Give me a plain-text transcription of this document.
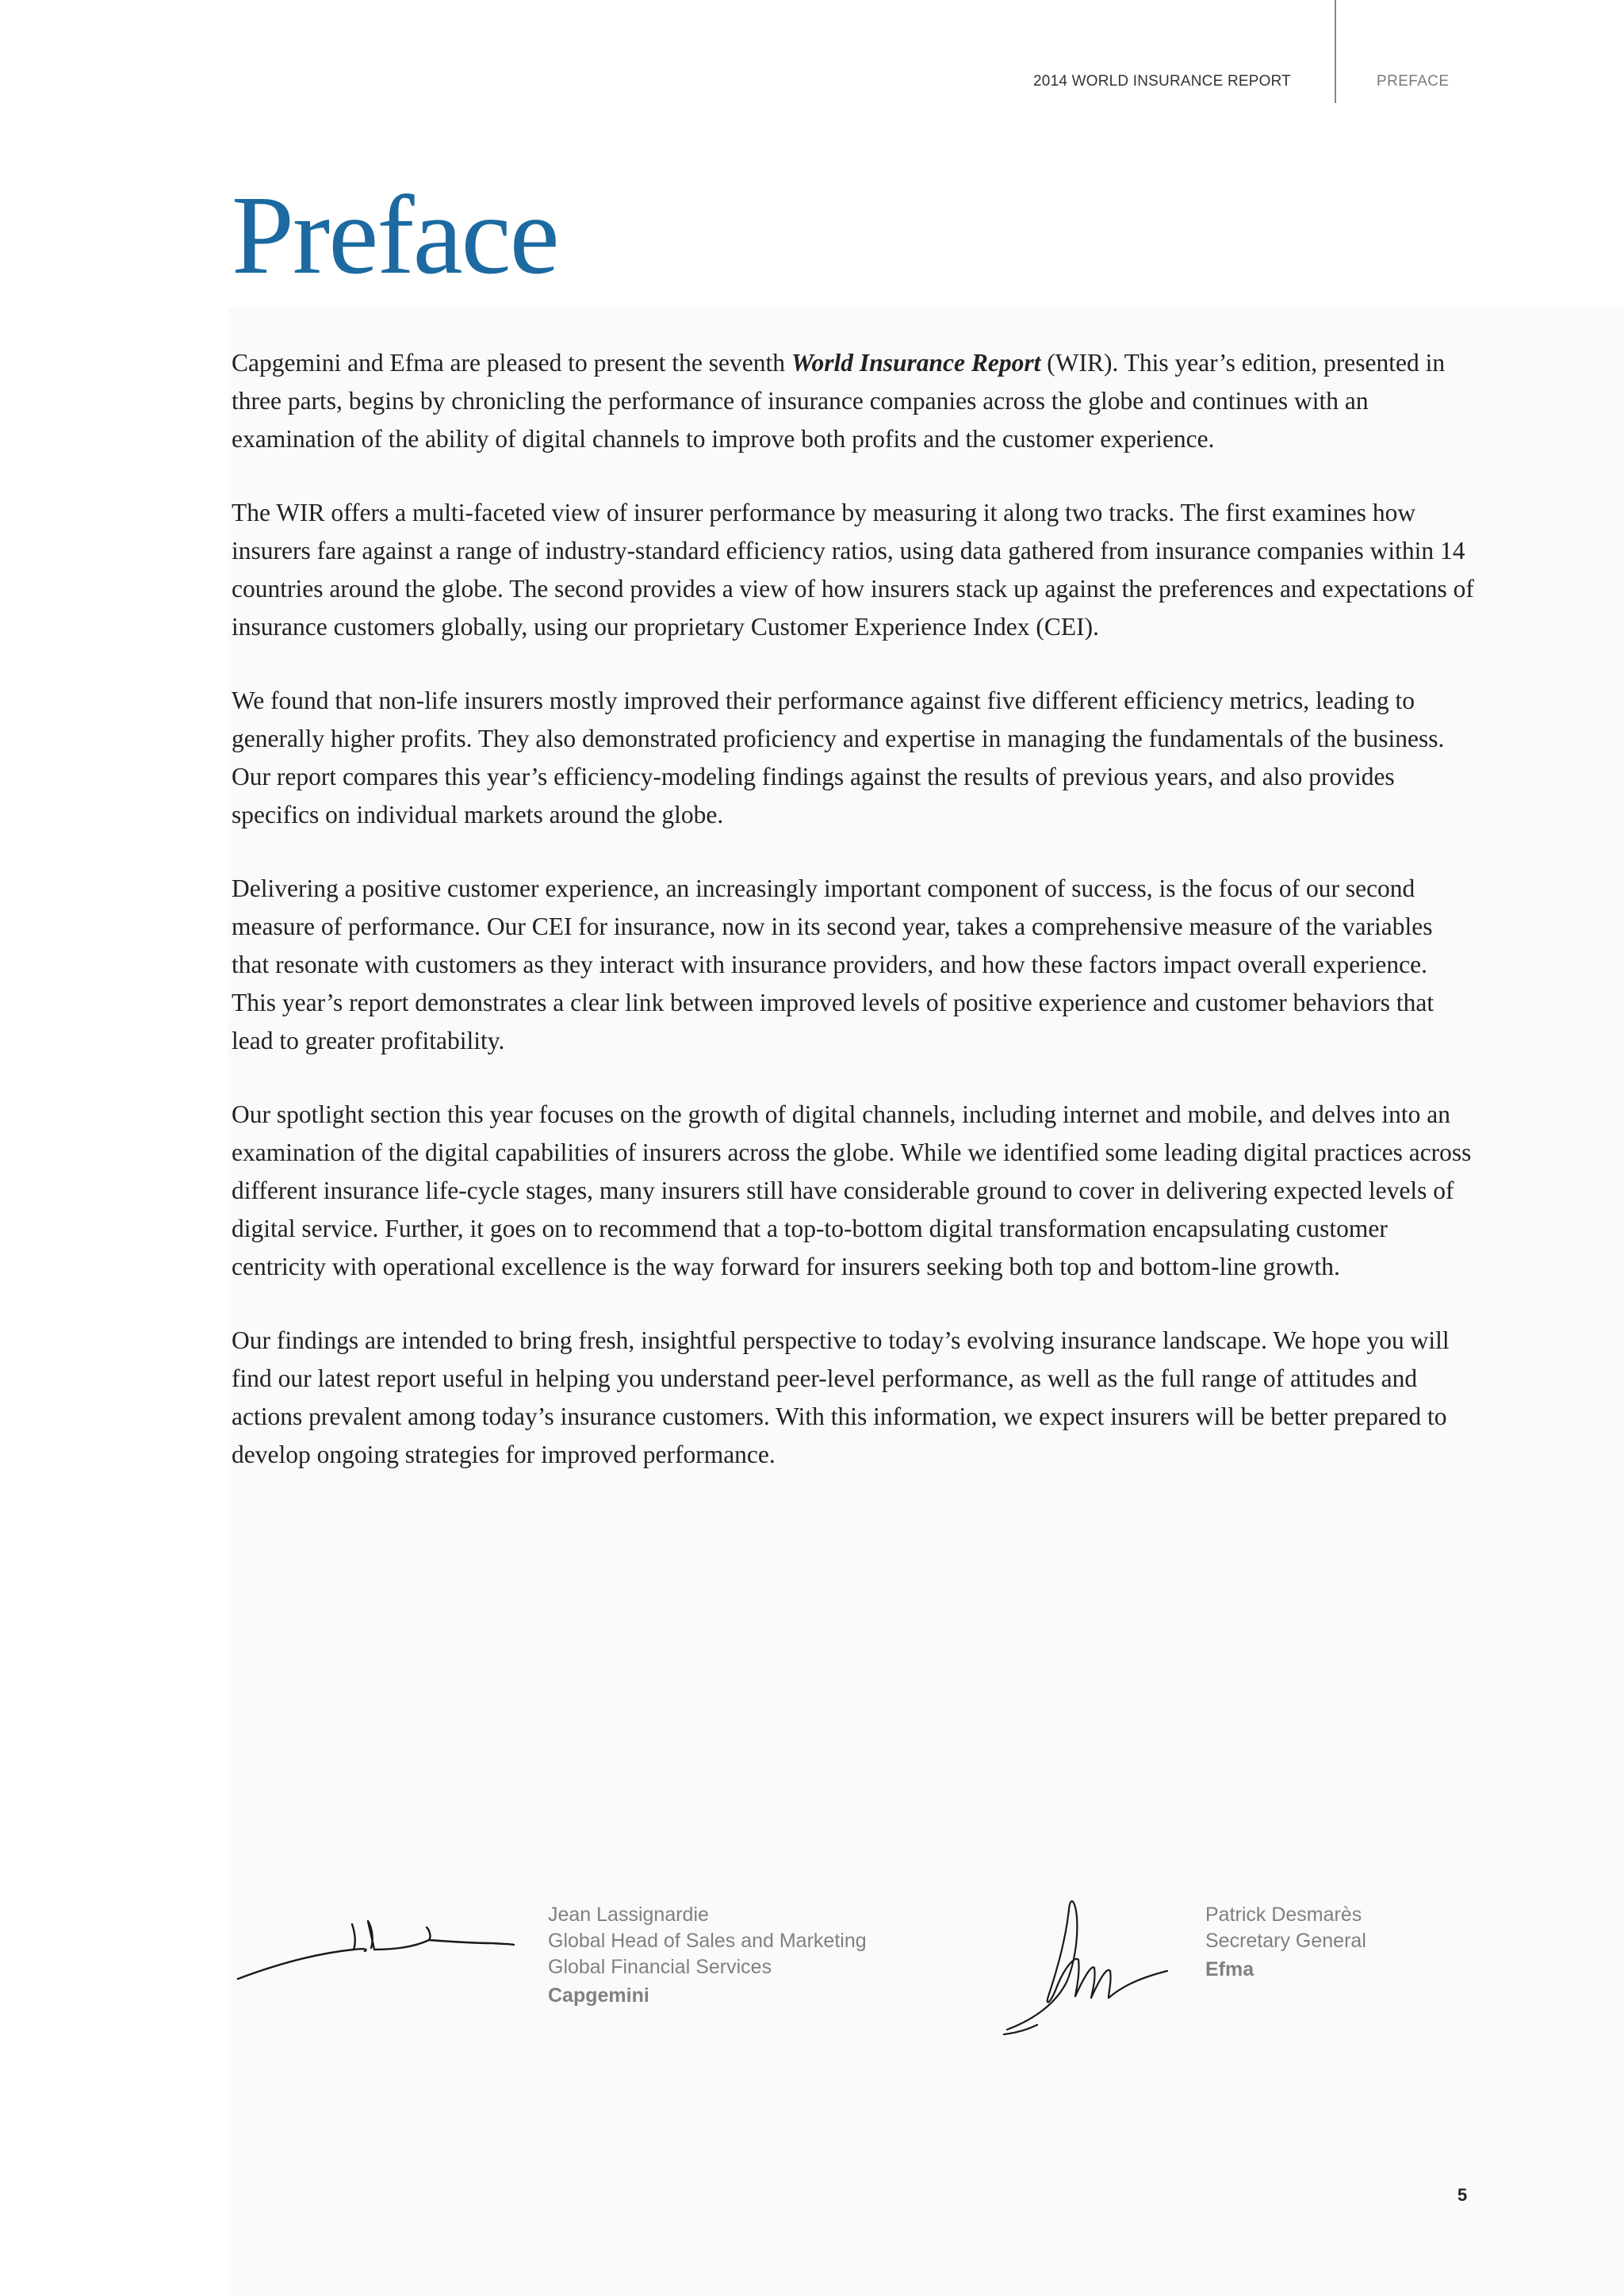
2014 WORLD INSURANCE REPORT	PREFACE
Preface

Capgemini and Efma are pleased to present the seventh World Insurance Report (WIR). This year’s edition, presented in three parts, begins by chronicling the performance of insurance companies across the globe and continues with an examination of the ability of digital channels to improve both profits and the customer experience.

The WIR offers a multi-faceted view of insurer performance by measuring it along two tracks. The first examines how insurers fare against a range of industry-standard efficiency ratios, using data gathered from insurance companies within 14 countries around the globe. The second provides a view of how insurers stack up against the preferences and expectations of insurance customers globally, using our proprietary Customer Experience Index (CEI).

We found that non-life insurers mostly improved their performance against five different efficiency metrics, leading to generally higher profits. They also demonstrated proficiency and expertise in managing the fundamentals of the business. Our report compares this year’s efficiency-modeling findings against the results of previous years, and also provides specifics on individual markets around the globe.

Delivering a positive customer experience, an increasingly important component of success, is the focus of our second measure of performance. Our CEI for insurance, now in its second year, takes a comprehensive measure of the variables that resonate with customers as they interact with insurance providers, and how these factors impact overall experience. This year’s report demonstrates a clear link between improved levels of positive experience and customer behaviors that lead to greater profitability.

Our spotlight section this year focuses on the growth of digital channels, including internet and mobile, and delves into an examination of the digital capabilities of insurers across the globe. While we identified some leading digital practices across different insurance life-cycle stages, many insurers still have considerable ground to cover in delivering expected levels of digital service. Further, it goes on to recommend that a top-to-bottom digital transformation encapsulating customer centricity with operational excellence is the way forward for insurers seeking both top and bottom-line growth.

Our findings are intended to bring fresh, insightful perspective to today’s evolving insurance landscape. We hope you will find our latest report useful in helping you understand peer-level performance, as well as the full range of attitudes and actions prevalent among today’s insurance customers. With this information, we expect insurers will be better prepared to develop ongoing strategies for improved performance.

Jean Lassignardie
Global Head of Sales and Marketing
Global Financial Services
Capgemini
Patrick Desmarès
Secretary General
Efma
5
